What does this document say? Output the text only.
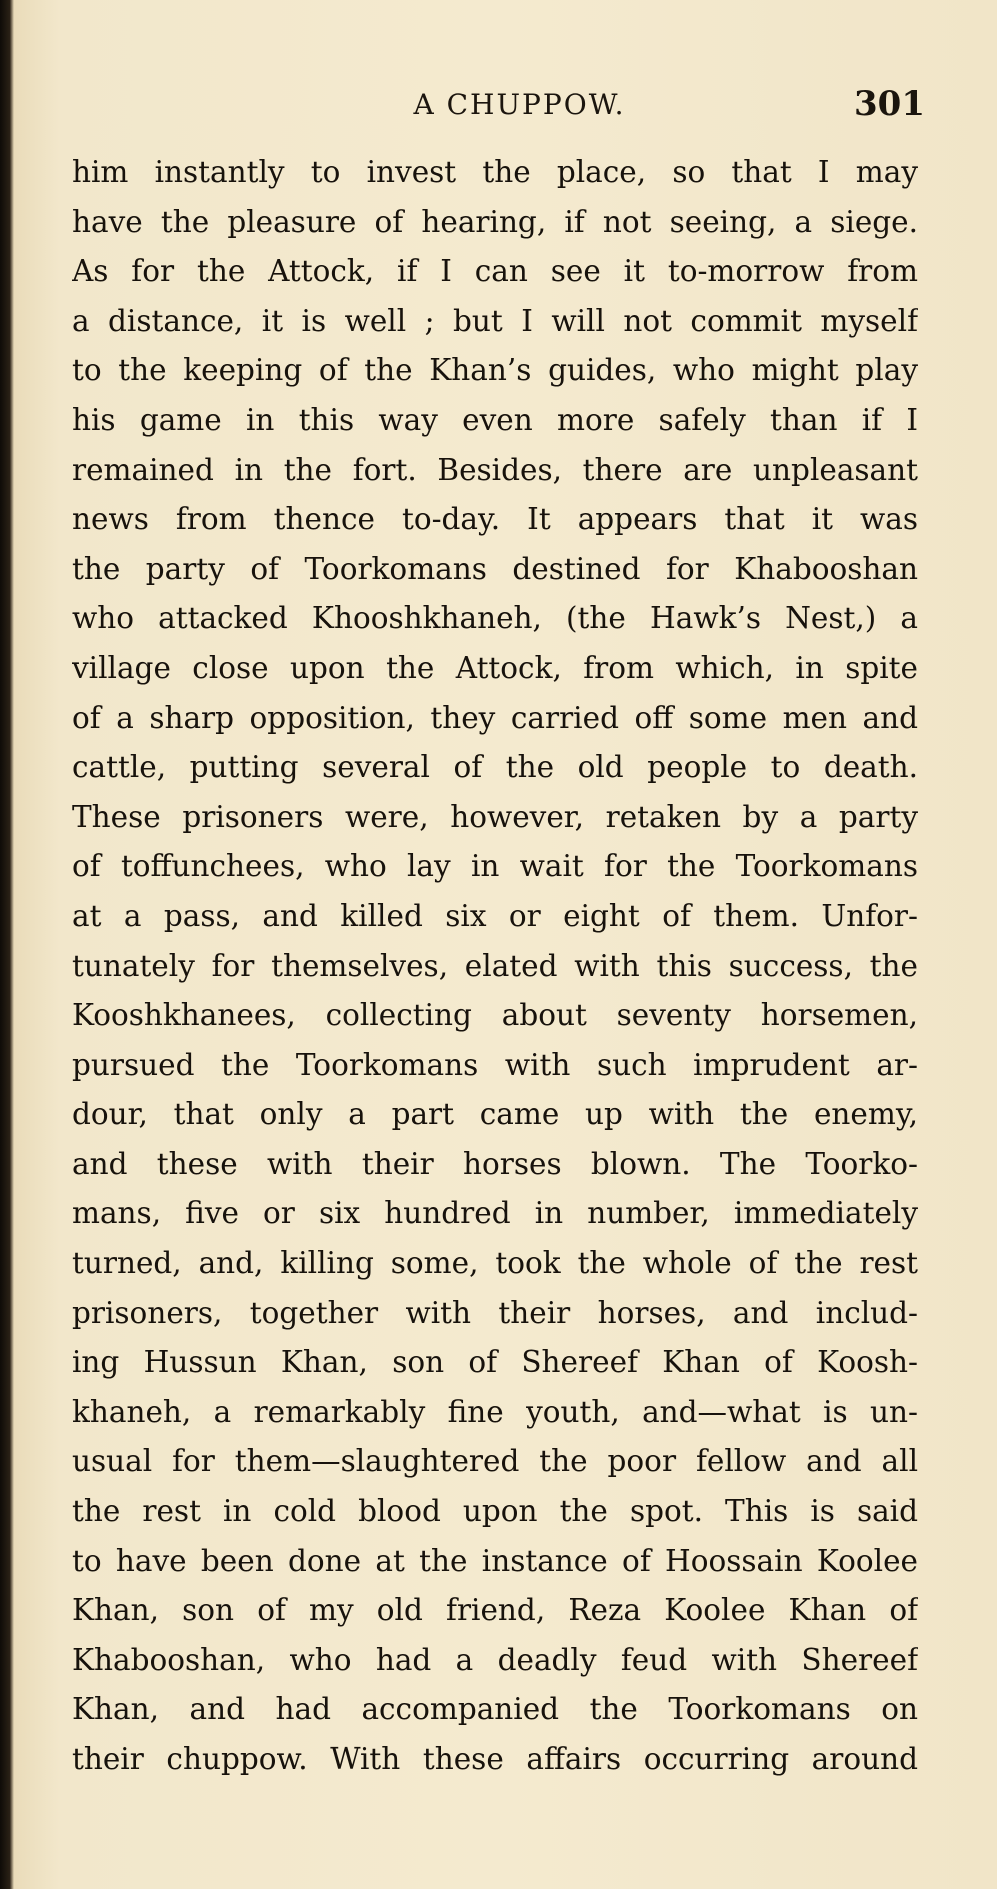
A CHUPPOW.	301
him instantly to invest the place, so that I may
have the pleasure of hearing, if not seeing, a siege.
As for the Attock, if I can see it to-morrow from
a distance, it is well ; but I will not commit myself
to the keeping of the Khan’s guides, who might play
his game in this way even more safely than if I
remained in the fort. Besides, there are unpleasant
news from thence to-day. It appears that it was
the party of Toorkomans destined for Khabooshan
who attacked Khooshkhaneh, (the Hawk’s Nest,) a
village close upon the Attock, from which, in spite
of a sharp opposition, they carried off some men and
cattle, putting several of the old people to death.
These prisoners were, however, retaken by a party
of toffunchees, who lay in wait for the Toorkomans
at a pass, and killed six or eight of them. Unfor-
tunately for themselves, elated with this success, the
Kooshkhanees, collecting about seventy horsemen,
pursued the Toorkomans with such imprudent ar-
dour, that only a part came up with the enemy,
and these with their horses blown. The Toorko-
mans, five or six hundred in number, immediately
turned, and, killing some, took the whole of the rest
prisoners, together with their horses, and includ-
ing Hussun Khan, son of Shereef Khan of Koosh-
khaneh, a remarkably fine youth, and—what is un-
usual for them—slaughtered the poor fellow and all
the rest in cold blood upon the spot. This is said
to have been done at the instance of Hoossain Koolee
Khan, son of my old friend, Reza Koolee Khan of
Khabooshan, who had a deadly feud with Shereef
Khan, and had accompanied the Toorkomans on
their chuppow. With these affairs occurring around
